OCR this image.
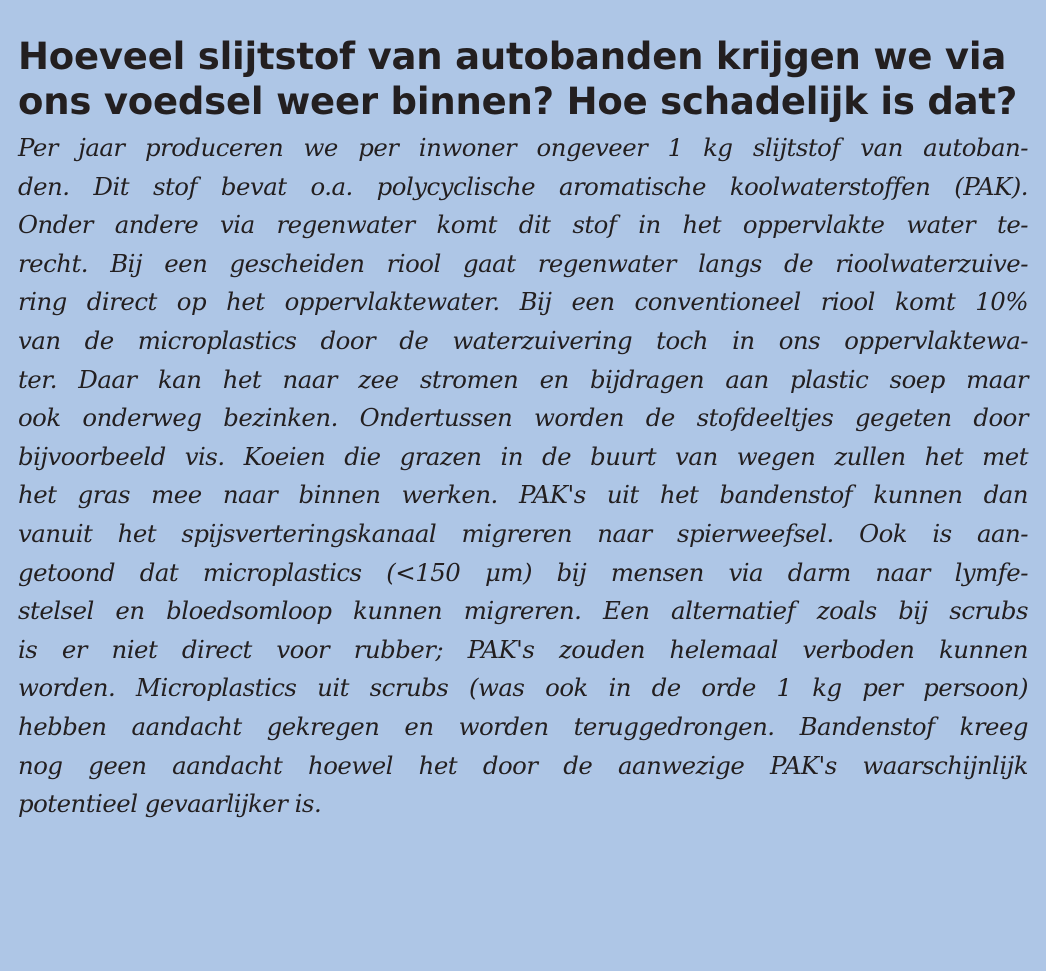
Hoeveel slijtstof van autobanden krijgen we via
ons voedsel weer binnen? Hoe schadelijk is dat?
Per jaar produceren we per inwoner ongeveer 1 kg slijtstof van autoban-
den. Dit stof bevat o.a. polycyclische aromatische koolwaterstoffen (PAK).
Onder andere via regenwater komt dit stof in het oppervlakte water te-
recht. Bij een gescheiden riool gaat regenwater langs de rioolwaterzuive-
ring direct op het oppervlaktewater. Bij een conventioneel riool komt 10%
van de microplastics door de waterzuivering toch in ons oppervlaktewa-
ter. Daar kan het naar zee stromen en bijdragen aan plastic soep maar
ook onderweg bezinken. Ondertussen worden de stofdeeltjes gegeten door
bijvoorbeeld vis. Koeien die grazen in de buurt van wegen zullen het met
het gras mee naar binnen werken. PAK's uit het bandenstof kunnen dan
vanuit het spijsverteringskanaal migreren naar spierweefsel. Ook is aan-
getoond dat microplastics (<150 μm) bij mensen via darm naar lymfe-
stelsel en bloedsomloop kunnen migreren. Een alternatief zoals bij scrubs
is er niet direct voor rubber; PAK's zouden helemaal verboden kunnen
worden. Microplastics uit scrubs (was ook in de orde 1 kg per persoon)
hebben aandacht gekregen en worden teruggedrongen. Bandenstof kreeg
nog geen aandacht hoewel het door de aanwezige PAK's waarschijnlijk
potentieel gevaarlijker is.
